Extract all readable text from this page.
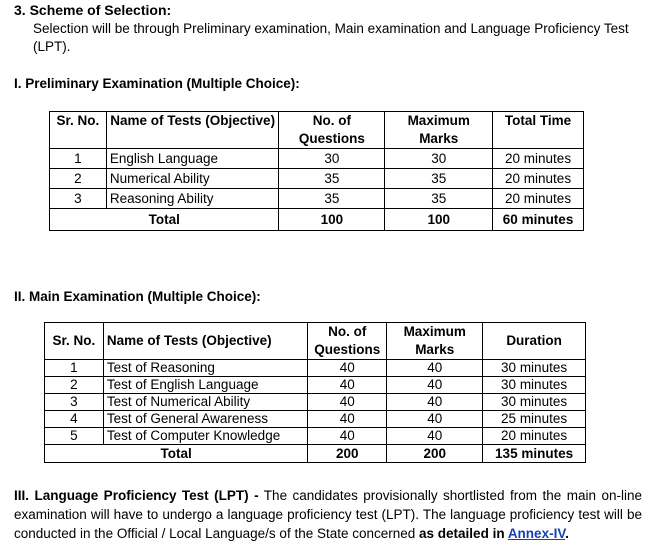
3. Scheme of Selection:
Selection will be through Preliminary examination, Main examination and Language Proficiency Test (LPT).
I. Preliminary Examination (Multiple Choice):
Sr. No.	Name of Tests (Objective)	No. of Questions	Maximum Marks	Total Time
1	English Language	30	30	20 minutes
2	Numerical Ability	35	35	20 minutes
3	Reasoning Ability	35	35	20 minutes
Total		100	100	60 minutes
II. Main Examination (Multiple Choice):
Sr. No.	Name of Tests (Objective)	No. of Questions	Maximum Marks	Duration
1	Test of Reasoning	40	40	30 minutes
2	Test of English Language	40	40	30 minutes
3	Test of Numerical Ability	40	40	30 minutes
4	Test of General Awareness	40	40	25 minutes
5	Test of Computer Knowledge	40	40	20 minutes
Total		200	200	135 minutes
III. Language Proficiency Test (LPT) - The candidates provisionally shortlisted from the main on-line examination will have to undergo a language proficiency test (LPT). The language proficiency test will be conducted in the Official / Local Language/s of the State concerned as detailed in Annex-IV.
